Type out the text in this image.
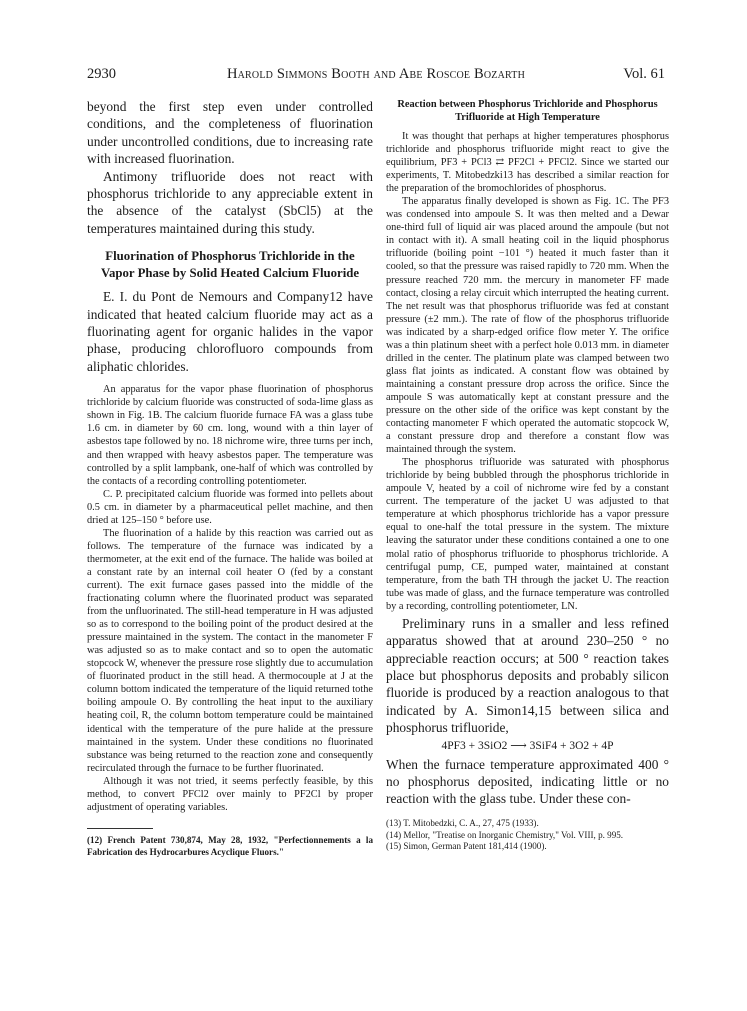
2930	Harold Simmons Booth and Abe Roscoe Bozarth	Vol. 61

beyond the first step even under controlled conditions, and the completeness of fluorination under uncontrolled conditions, due to increasing rate with increased fluorination.

Antimony trifluoride does not react with phosphorus trichloride to any appreciable extent in the absence of the catalyst (SbCl5) at the temperatures maintained during this study.

Fluorination of Phosphorus Trichloride in the Vapor Phase by Solid Heated Calcium Fluoride

E. I. du Pont de Nemours and Company12 have indicated that heated calcium fluoride may act as a fluorinating agent for organic halides in the vapor phase, producing chlorofluoro compounds from aliphatic chlorides.

An apparatus for the vapor phase fluorination of phosphorus trichloride by calcium fluoride was constructed of soda-lime glass as shown in Fig. 1B. The calcium fluoride furnace FA was a glass tube 1.6 cm. in diameter by 60 cm. long, wound with a thin layer of asbestos tape followed by no. 18 nichrome wire, three turns per inch, and then wrapped with heavy asbestos paper. The temperature was controlled by a split lampbank, one-half of which was controlled by the contacts of a recording controlling potentiometer.

C. P. precipitated calcium fluoride was formed into pellets about 0.5 cm. in diameter by a pharmaceutical pellet machine, and then dried at 125–150 ° before use.

The fluorination of a halide by this reaction was carried out as follows. The temperature of the furnace was indicated by a thermometer, at the exit end of the furnace. The halide was boiled at a constant rate by an internal coil heater O (fed by a constant current). The exit furnace gases passed into the middle of the fractionating column where the fluorinated product was separated from the unfluorinated. The still-head temperature in H was adjusted so as to correspond to the boiling point of the product desired at the pressure maintained in the system. The contact in the manometer F was adjusted so as to make contact and so to open the automatic stopcock W, whenever the pressure rose slightly due to accumulation of fluorinated product in the still head. A thermocouple at J at the column bottom indicated the temperature of the liquid returned tothe boiling ampoule O. By controlling the heat input to the auxiliary heating coil, R, the column bottom temperature could be maintained identical with the temperature of the pure halide at the pressure maintained in the system. Under these conditions no fluorinated substance was being returned to the reaction zone and consequently recirculated through the furnace to be further fluorinated.

Although it was not tried, it seems perfectly feasible, by this method, to convert PFCl2 over mainly to PF2Cl by proper adjustment of operating variables.

(12) French Patent 730,874, May 28, 1932, "Perfectionnements a la Fabrication des Hydrocarbures Acyclique Fluors."

Reaction between Phosphorus Trichloride and Phosphorus Trifluoride at High Temperature

It was thought that perhaps at higher temperatures phosphorus trichloride and phosphorus trifluoride might react to give the equilibrium, PF3 + PCl3 ⇄ PF2Cl + PFCl2. Since we started our experiments, T. Mitobedzki13 has described a similar reaction for the preparation of the bromochlorides of phosphorus.

The apparatus finally developed is shown as Fig. 1C. The PF3 was condensed into ampoule S. It was then melted and a Dewar one-third full of liquid air was placed around the ampoule (but not in contact with it). A small heating coil in the liquid phosphorus trifluoride (boiling point −101 °) heated it much faster than it cooled, so that the pressure was raised rapidly to 720 mm. When the pressure reached 720 mm. the mercury in manometer FF made contact, closing a relay circuit which interrupted the heating current. The net result was that phosphorus trifluoride was fed at constant pressure (±2 mm.). The rate of flow of the phosphorus trifluoride was indicated by a sharp-edged orifice flow meter Y. The orifice was a thin platinum sheet with a perfect hole 0.013 mm. in diameter drilled in the center. The platinum plate was clamped between two glass flat joints as indicated. A constant flow was obtained by maintaining a constant pressure drop across the orifice. Since the ampoule S was automatically kept at constant pressure and the pressure on the other side of the orifice was kept constant by the contacting manometer F which operated the automatic stopcock W, a constant pressure drop and therefore a constant flow was maintained through the system.

The phosphorus trifluoride was saturated with phosphorus trichloride by being bubbled through the phosphorus trichloride in ampoule V, heated by a coil of nichrome wire fed by a constant current. The temperature of the jacket U was adjusted to that temperature at which phosphorus trichloride has a vapor pressure equal to one-half the total pressure in the system. The mixture leaving the saturator under these conditions contained a one to one molal ratio of phosphorus trifluoride to phosphorus trichloride. A centrifugal pump, CE, pumped water, maintained at constant temperature, from the bath TH through the jacket U. The reaction tube was made of glass, and the furnace temperature was controlled by a recording, controlling potentiometer, LN.

Preliminary runs in a smaller and less refined apparatus showed that at around 230–250 ° no appreciable reaction occurs; at 500 ° reaction takes place but phosphorus deposits and probably silicon fluoride is produced by a reaction analogous to that indicated by A. Simon14,15 between silica and phosphorus trifluoride,

4PF3 + 3SiO2 ⟶ 3SiF4 + 3O2 + 4P

When the furnace temperature approximated 400 ° no phosphorus deposited, indicating little or no reaction with the glass tube. Under these con-

(13) T. Mitobedzki, C. A., 27, 475 (1933).

(14) Mellor, "Treatise on Inorganic Chemistry," Vol. VIII, p. 995.

(15) Simon, German Patent 181,414 (1900).
